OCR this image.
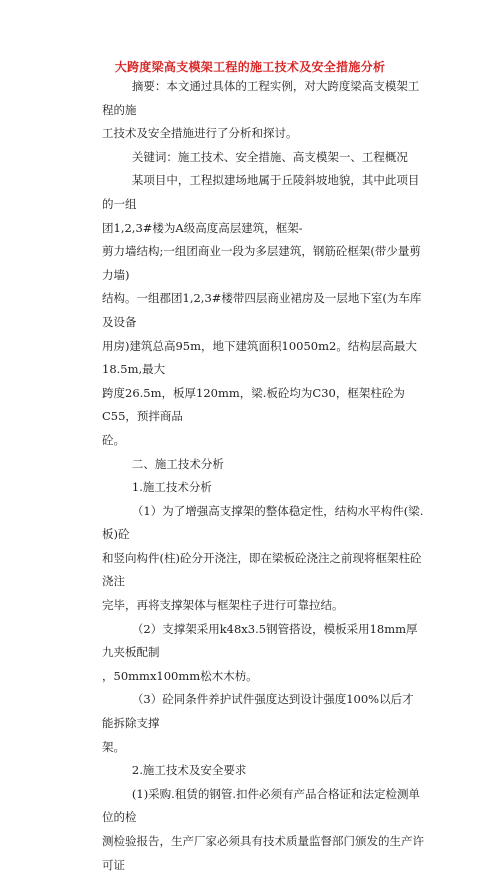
大跨度梁高支模架工程的施工技术及安全措施分析

摘要：本文通过具体的工程实例，对大跨度梁高支模架工程的施

工技术及安全措施进行了分析和探讨。

关键词：施工技术、安全措施、高支模架一、工程概况

某项目中，工程拟建场地属于丘陵斜坡地貌，其中此项目的一组

团1,2,3#楼为A级高度高层建筑，框架-

剪力墙结构;一组团商业一段为多层建筑，钢筋砼框架(带少量剪力墙)

结构。一组郡团1,2,3#楼带四层商业裙房及一层地下室(为车库及设备

用房)建筑总高95m，地下建筑面积10050m2。结构层高最大18.5m,最大

跨度26.5m，板厚120mm，梁.板砼均为C30，框架柱砼为C55，预拌商品

砼。

二、施工技术分析

1.施工技术分析

（1）为了增强高支撑架的整体稳定性，结构水平构件(梁.板)砼

和竖向构件(柱)砼分开浇注，即在梁板砼浇注之前现将框架柱砼浇注

完毕，再将支撑架体与框架柱子进行可靠拉结。

（2）支撑架采用k48x3.5钢管搭设，模板采用18mm厚九夹板配制

，50mmx100mm松木木枋。

（3）砼同条件养护试件强度达到设计强度100%以后才能拆除支撑

架。

2.施工技术及安全要求

(1)采购.租赁的钢管.扣件必须有产品合格证和法定检测单位的检

测检验报告，生产厂家必须具有技术质量监督部门颁发的生产许可证
